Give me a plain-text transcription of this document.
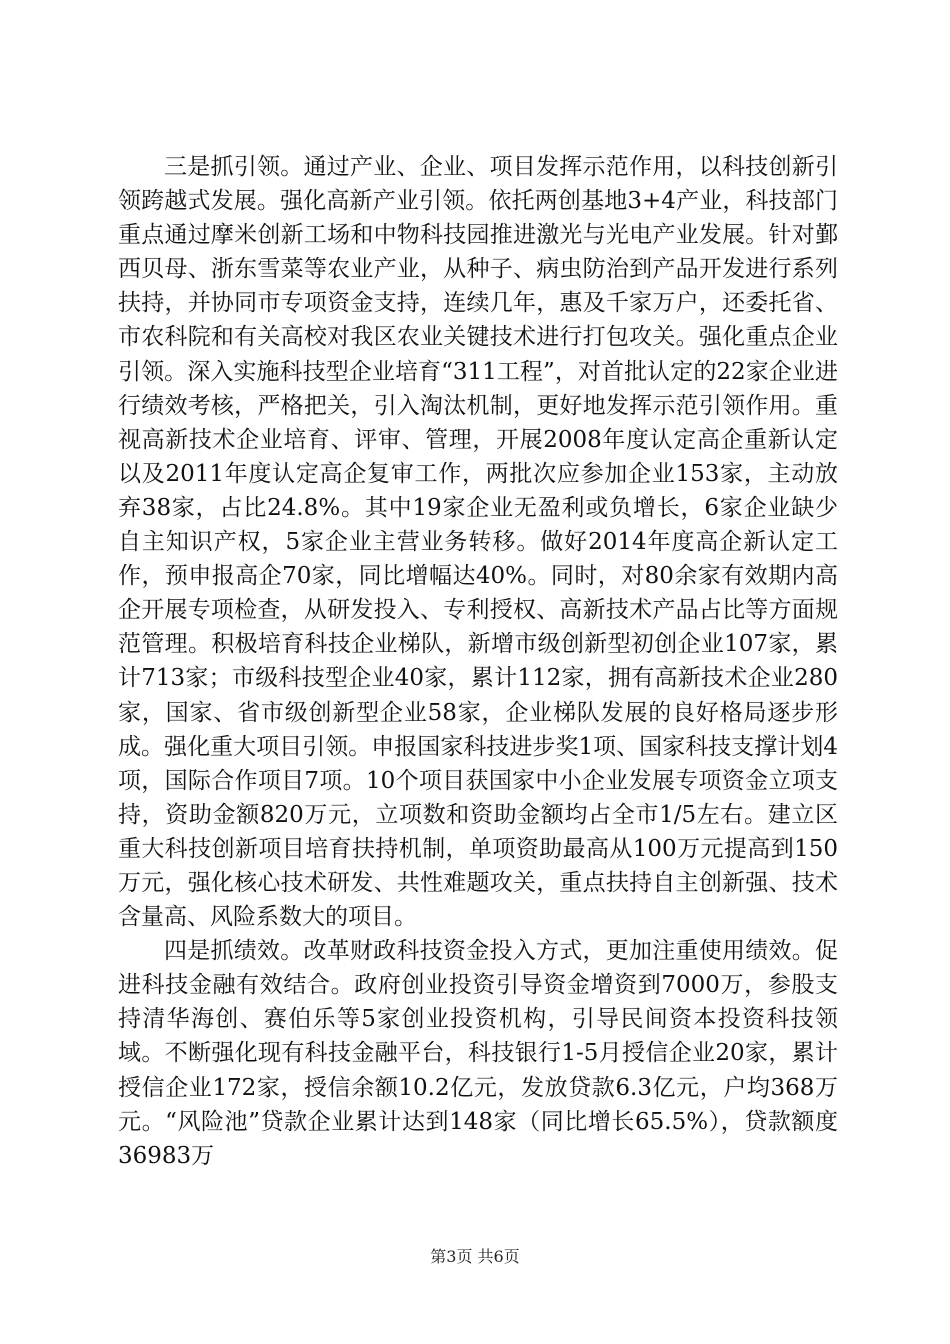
三是抓引领。通过产业、企业、项目发挥示范作用，以科技创新引领跨越式发展。强化高新产业引领。依托两创基地3+4产业，科技部门重点通过摩米创新工场和中物科技园推进激光与光电产业发展。针对鄞西贝母、浙东雪菜等农业产业，从种子、病虫防治到产品开发进行系列扶持，并协同市专项资金支持，连续几年，惠及千家万户，还委托省、市农科院和有关高校对我区农业关键技术进行打包攻关。强化重点企业引领。深入实施科技型企业培育“311工程”，对首批认定的22家企业进行绩效考核，严格把关，引入淘汰机制，更好地发挥示范引领作用。重视高新技术企业培育、评审、管理，开展2008年度认定高企重新认定以及2011年度认定高企复审工作，两批次应参加企业153家，主动放弃38家，占比24.8%。其中19家企业无盈利或负增长，6家企业缺少自主知识产权，5家企业主营业务转移。做好2014年度高企新认定工作，预申报高企70家，同比增幅达40%。同时，对80余家有效期内高企开展专项检查，从研发投入、专利授权、高新技术产品占比等方面规范管理。积极培育科技企业梯队，新增市级创新型初创企业107家，累计713家；市级科技型企业40家，累计112家，拥有高新技术企业280家，国家、省市级创新型企业58家，企业梯队发展的良好格局逐步形成。强化重大项目引领。申报国家科技进步奖1项、国家科技支撑计划4项，国际合作项目7项。10个项目获国家中小企业发展专项资金立项支持，资助金额820万元，立项数和资助金额均占全市1/5左右。建立区重大科技创新项目培育扶持机制，单项资助最高从100万元提高到150万元，强化核心技术研发、共性难题攻关，重点扶持自主创新强、技术含量高、风险系数大的项目。

四是抓绩效。改革财政科技资金投入方式，更加注重使用绩效。促进科技金融有效结合。政府创业投资引导资金增资到7000万，参股支持清华海创、赛伯乐等5家创业投资机构，引导民间资本投资科技领域。不断强化现有科技金融平台，科技银行1-5月授信企业20家，累计授信企业172家，授信余额10.2亿元，发放贷款6.3亿元，户均368万元。“风险池”贷款企业累计达到148家（同比增长65.5%），贷款额度36983万

第3页 共6页
